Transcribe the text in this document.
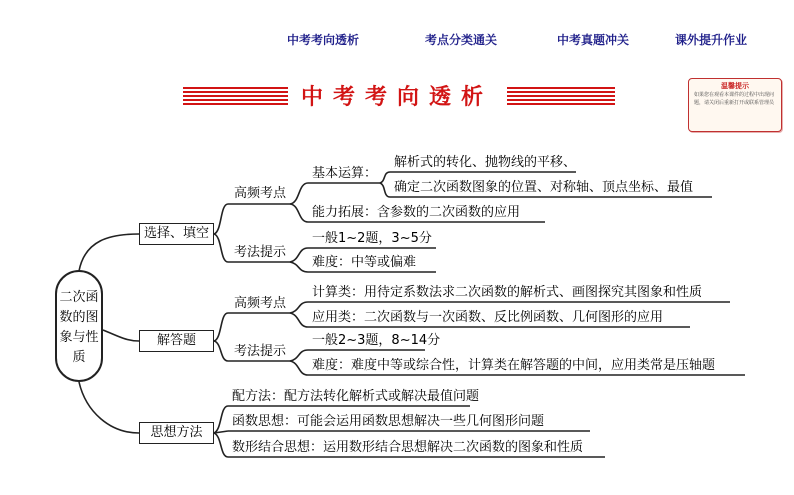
中考考向透析	考点分类通关	中考真题冲关	课外提升作业
中考考向透析	温馨提示
如果您在观看本课件的过程中出现问题，请关闭后重新打开或联系管理员
二次函数的图象与性质
选择、填空
解答题
思想方法
高频考点
基本运算：
解析式的转化、抛物线的平移、
确定二次函数图象的位置、对称轴、顶点坐标、最值
能力拓展：含参数的二次函数的应用
考法提示
一般1~2题，3~5分
难度：中等或偏难
高频考点
计算类：用待定系数法求二次函数的解析式、画图探究其图象和性质
应用类：二次函数与一次函数、反比例函数、几何图形的应用
考法提示
一般2~3题，8~14分
难度：难度中等或综合性，计算类在解答题的中间，应用类常是压轴题
配方法：配方法转化解析式或解决最值问题
函数思想：可能会运用函数思想解决一些几何图形问题
数形结合思想：运用数形结合思想解决二次函数的图象和性质
